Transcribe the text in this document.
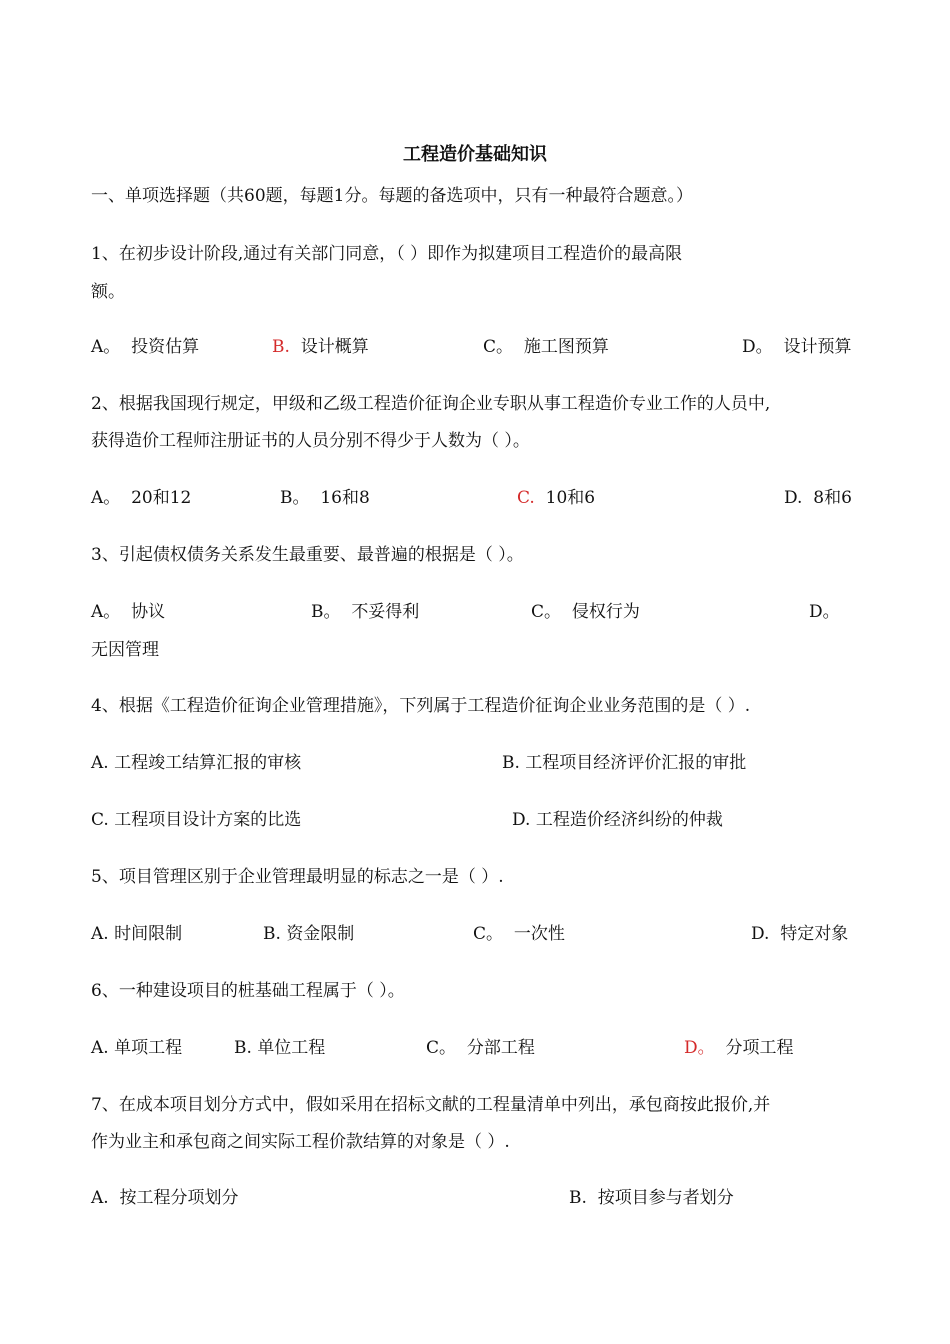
工程造价基础知识
一、单项选择题（共60题，每题1分。每题的备选项中，只有一种最符合题意。）
1、在初步设计阶段,通过有关部门同意，（ ）即作为拟建项目工程造价的最高限
额。
A。 投资估算	B. 设计概算	C。 施工图预算	D。 设计预算
2、根据我国现行规定，甲级和乙级工程造价征询企业专职从事工程造价专业工作的人员中,
获得造价工程师注册证书的人员分别不得少于人数为（ ）。
A。 20和12	B。 16和8	C. 10和6	D. 8和6
3、引起债权债务关系发生最重要、最普遍的根据是（ ）。
A。 协议	B。 不妥得利	C。 侵权行为	D。
无因管理
4、根据《工程造价征询企业管理措施》，下列属于工程造价征询企业业务范围的是（ ）.
A. 工程竣工结算汇报的审核	B. 工程项目经济评价汇报的审批
C. 工程项目设计方案的比选	D. 工程造价经济纠纷的仲裁
5、项目管理区别于企业管理最明显的标志之一是（ ）.
A. 时间限制	B. 资金限制	C。 一次性	D. 特定对象
6、一种建设项目的桩基础工程属于（ ）。
A. 单项工程	B. 单位工程	C。 分部工程	D。 分项工程
7、在成本项目划分方式中，假如采用在招标文献的工程量清单中列出，承包商按此报价,并
作为业主和承包商之间实际工程价款结算的对象是（ ）.
A. 按工程分项划分	B. 按项目参与者划分
